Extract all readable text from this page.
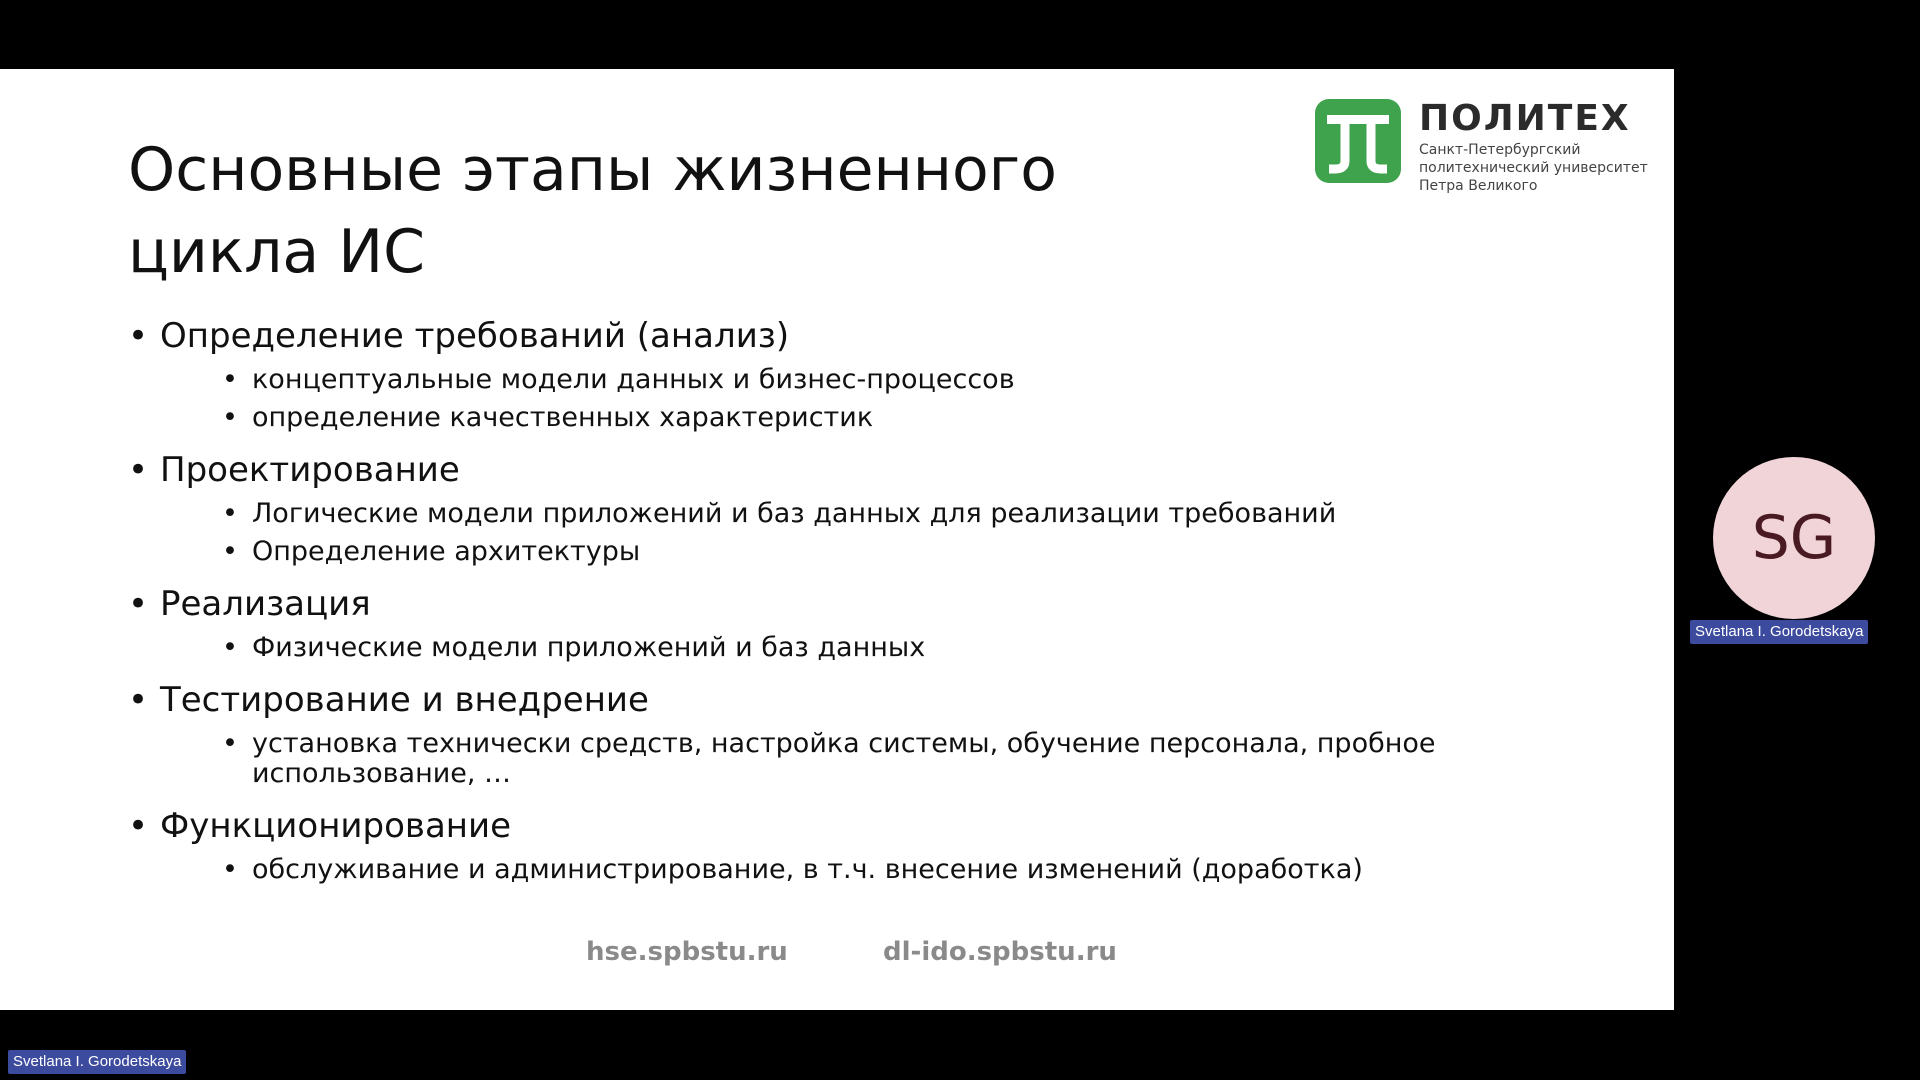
Основные этапы жизненного
цикла ИС
ПОЛИТЕХ
Санкт-Петербургский
политехнический университет
Петра Великого
• Определение требований (анализ)
• концептуальные модели данных и бизнес-процессов
• определение качественных характеристик
• Проектирование
• Логические модели приложений и баз данных для реализации требований
• Определение архитектуры
• Реализация
• Физические модели приложений и баз данных
• Тестирование и внедрение
• установка технически средств, настройка системы, обучение персонала, пробное
использование, …
• Функционирование
• обслуживание и администрирование, в т.ч. внесение изменений (доработка)
hse.spbstu.ru	dl-ido.spbstu.ru
SG
Svetlana I. Gorodetskaya
Svetlana I. Gorodetskaya
